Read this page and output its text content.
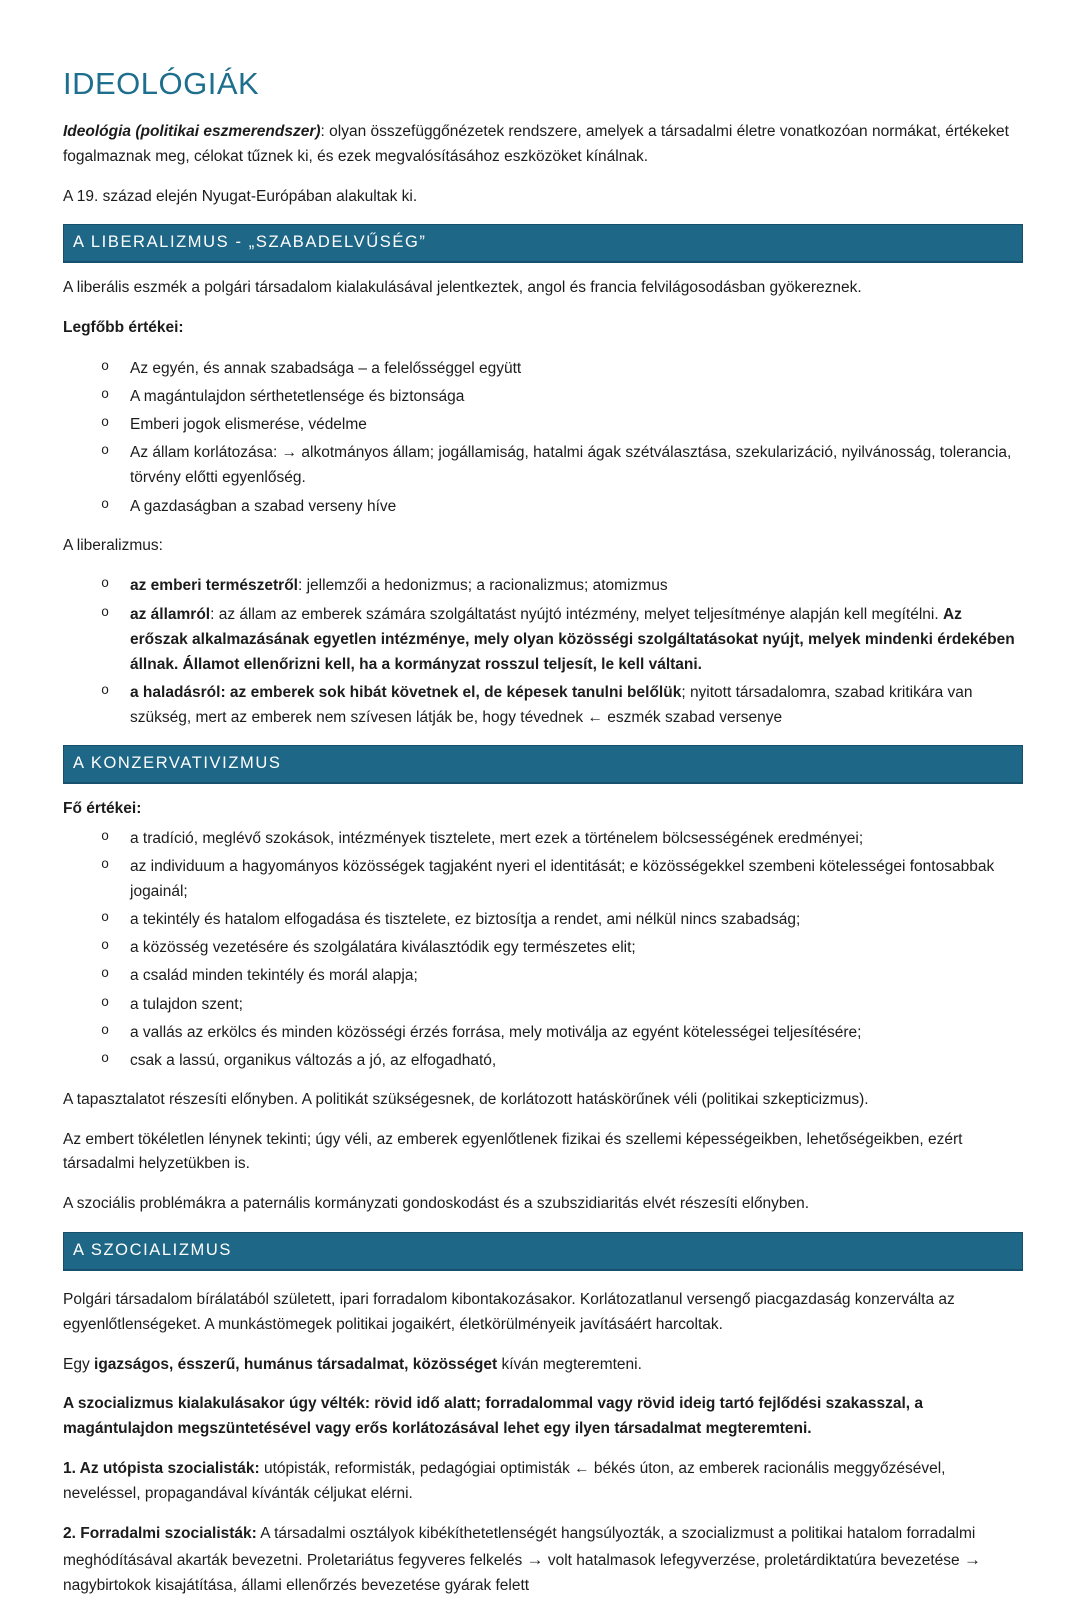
IDEOLÓGIÁK

Ideológia (politikai eszmerendszer): olyan összefüggőnézetek rendszere, amelyek a társadalmi életre vonatkozóan normákat, értékeket fogalmaznak meg, célokat tűznek ki, és ezek megvalósításához eszközöket kínálnak.

A 19. század elején Nyugat-Európában alakultak ki.

A LIBERALIZMUS - „SZABADELVŰSÉG”

A liberális eszmék a polgári társadalom kialakulásával jelentkeztek, angol és francia felvilágosodásban gyökereznek.

Legfőbb értékei:

o Az egyén, és annak szabadsága – a felelősséggel együtt
o A magántulajdon sérthetetlensége és biztonsága
o Emberi jogok elismerése, védelme
o Az állam korlátozása: → alkotmányos állam; jogállamiság, hatalmi ágak szétválasztása, szekularizáció, nyilvánosság, tolerancia, törvény előtti egyenlőség.
o A gazdaságban a szabad verseny híve

A liberalizmus:

o az emberi természetről: jellemzői a hedonizmus; a racionalizmus; atomizmus
o az államról: az állam az emberek számára szolgáltatást nyújtó intézmény, melyet teljesítménye alapján kell megítélni. Az erőszak alkalmazásának egyetlen intézménye, mely olyan közösségi szolgáltatásokat nyújt, melyek mindenki érdekében állnak. Államot ellenőrizni kell, ha a kormányzat rosszul teljesít, le kell váltani.
o a haladásról: az emberek sok hibát követnek el, de képesek tanulni belőlük; nyitott társadalomra, szabad kritikára van szükség, mert az emberek nem szívesen látják be, hogy tévednek ← eszmék szabad versenye
A KONZERVATIVIZMUS

Fő értékei:

o a tradíció, meglévő szokások, intézmények tisztelete, mert ezek a történelem bölcsességének eredményei;
o az individuum a hagyományos közösségek tagjaként nyeri el identitását; e közösségekkel szembeni kötelességei fontosabbak jogainál;
o a tekintély és hatalom elfogadása és tisztelete, ez biztosítja a rendet, ami nélkül nincs szabadság;
o a közösség vezetésére és szolgálatára kiválasztódik egy természetes elit;
o a család minden tekintély és morál alapja;
o a tulajdon szent;
o a vallás az erkölcs és minden közösségi érzés forrása, mely motiválja az egyént kötelességei teljesítésére;
o csak a lassú, organikus változás a jó, az elfogadható,

A tapasztalatot részesíti előnyben. A politikát szükségesnek, de korlátozott hatáskörűnek véli (politikai szkepticizmus).

Az embert tökéletlen lénynek tekinti; úgy véli, az emberek egyenlőtlenek fizikai és szellemi képességeikben, lehetőségeikben, ezért társadalmi helyzetükben is.

A szociális problémákra a paternális kormányzati gondoskodást és a szubszidiaritás elvét részesíti előnyben.

A SZOCIALIZMUS

Polgári társadalom bírálatából született, ipari forradalom kibontakozásakor. Korlátozatlanul versengő piacgazdaság konzerválta az egyenlőtlenségeket. A munkástömegek politikai jogaikért, életkörülményeik javításáért harcoltak.

Egy igazságos, ésszerű, humánus társadalmat, közösséget kíván megteremteni.

A szocializmus kialakulásakor úgy vélték: rövid idő alatt; forradalommal vagy rövid ideig tartó fejlődési szakasszal, a magántulajdon megszüntetésével vagy erős korlátozásával lehet egy ilyen társadalmat megteremteni.

1. Az utópista szocialisták: utópisták, reformisták, pedagógiai optimisták ← békés úton, az emberek racionális meggyőzésével, neveléssel, propagandával kívánták céljukat elérni.

2. Forradalmi szocialisták: A társadalmi osztályok kibékíthetetlenségét hangsúlyozták, a szocializmust a politikai hatalom forradalmi meghódításával akarták bevezetni. Proletariátus fegyveres felkelés → volt hatalmasok lefegyverzése, proletárdiktatúra bevezetése → nagybirtokok kisajátítása, állami ellenőrzés bevezetése gyárak felett
